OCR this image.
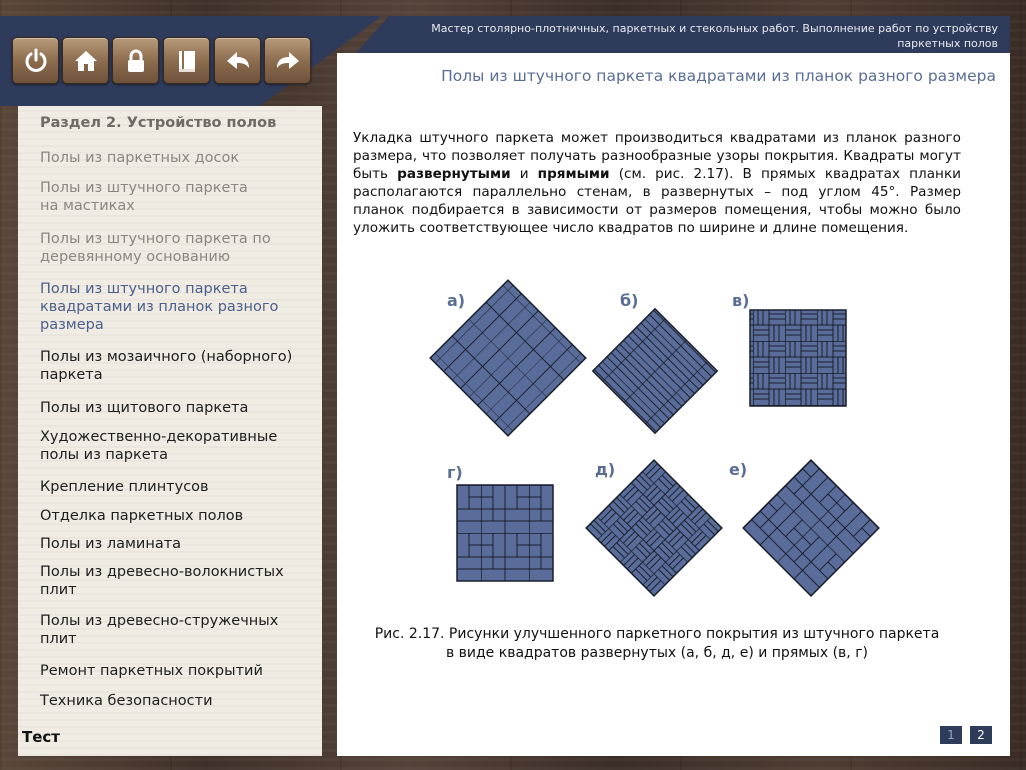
Мастер столярно-плотничных, паркетных и стекольных работ. Выполнение работ по устройству паркетных полов
Раздел 2. Устройство полов
Полы из паркетных досок
Полы из штучного паркета на мастиках
Полы из штучного паркета по деревянному основанию
Полы из штучного паркета квадратами из планок разного размера
Полы из мозаичного (наборного) паркета
Полы из щитового паркета
Художественно-декоративные полы из паркета
Крепление плинтусов
Отделка паркетных полов
Полы из ламината
Полы из древесно-волокнистых плит
Полы из древесно-стружечных плит
Ремонт паркетных покрытий
Техника безопасности
Тест
Полы из штучного паркета квадратами из планок разного размера
Укладка штучного паркета может производиться квадратами из планок разного размера, что позволяет получать разнообразные узоры покрытия. Квадраты могут быть развернутыми и прямыми (см. рис. 2.17). В прямых квадратах планки располагаются параллельно стенам, в развернутых – под углом 45°. Размер планок подбирается в зависимости от размеров помещения, чтобы можно было уложить соответствующее число квадратов по ширине и длине помещения.
а)	б)	в)
г)	д)	е)
Рис. 2.17. Рисунки улучшенного паркетного покрытия из штучного паркета
в виде квадратов развернутых (а, б, д, е) и прямых (в, г)
1	2
